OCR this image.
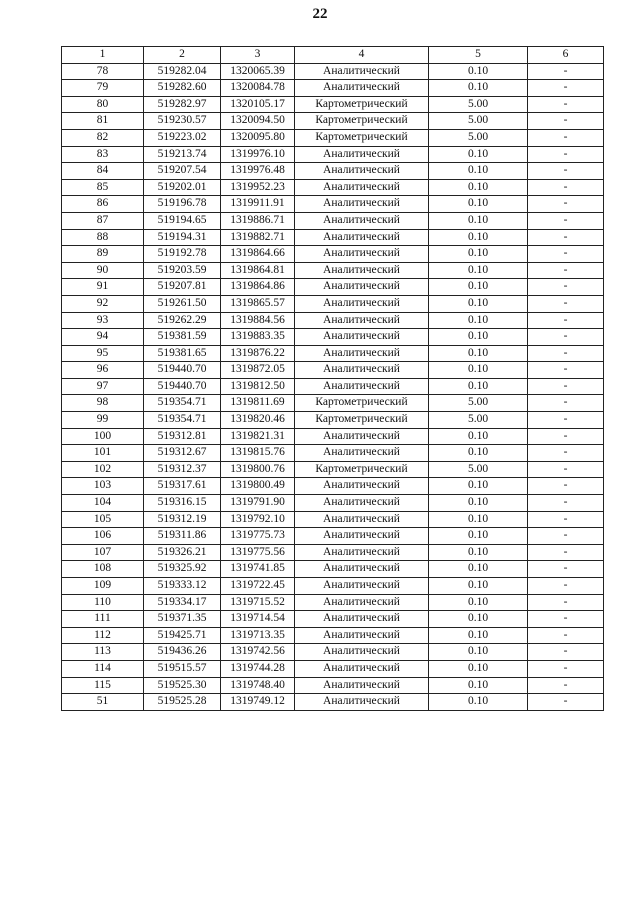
22
1	2	3	4	5	6
78	519282.04	1320065.39	Аналитический	0.10	-
79	519282.60	1320084.78	Аналитический	0.10	-
80	519282.97	1320105.17	Картометрический	5.00	-
81	519230.57	1320094.50	Картометрический	5.00	-
82	519223.02	1320095.80	Картометрический	5.00	-
83	519213.74	1319976.10	Аналитический	0.10	-
84	519207.54	1319976.48	Аналитический	0.10	-
85	519202.01	1319952.23	Аналитический	0.10	-
86	519196.78	1319911.91	Аналитический	0.10	-
87	519194.65	1319886.71	Аналитический	0.10	-
88	519194.31	1319882.71	Аналитический	0.10	-
89	519192.78	1319864.66	Аналитический	0.10	-
90	519203.59	1319864.81	Аналитический	0.10	-
91	519207.81	1319864.86	Аналитический	0.10	-
92	519261.50	1319865.57	Аналитический	0.10	-
93	519262.29	1319884.56	Аналитический	0.10	-
94	519381.59	1319883.35	Аналитический	0.10	-
95	519381.65	1319876.22	Аналитический	0.10	-
96	519440.70	1319872.05	Аналитический	0.10	-
97	519440.70	1319812.50	Аналитический	0.10	-
98	519354.71	1319811.69	Картометрический	5.00	-
99	519354.71	1319820.46	Картометрический	5.00	-
100	519312.81	1319821.31	Аналитический	0.10	-
101	519312.67	1319815.76	Аналитический	0.10	-
102	519312.37	1319800.76	Картометрический	5.00	-
103	519317.61	1319800.49	Аналитический	0.10	-
104	519316.15	1319791.90	Аналитический	0.10	-
105	519312.19	1319792.10	Аналитический	0.10	-
106	519311.86	1319775.73	Аналитический	0.10	-
107	519326.21	1319775.56	Аналитический	0.10	-
108	519325.92	1319741.85	Аналитический	0.10	-
109	519333.12	1319722.45	Аналитический	0.10	-
110	519334.17	1319715.52	Аналитический	0.10	-
111	519371.35	1319714.54	Аналитический	0.10	-
112	519425.71	1319713.35	Аналитический	0.10	-
113	519436.26	1319742.56	Аналитический	0.10	-
114	519515.57	1319744.28	Аналитический	0.10	-
115	519525.30	1319748.40	Аналитический	0.10	-
51	519525.28	1319749.12	Аналитический	0.10	-
